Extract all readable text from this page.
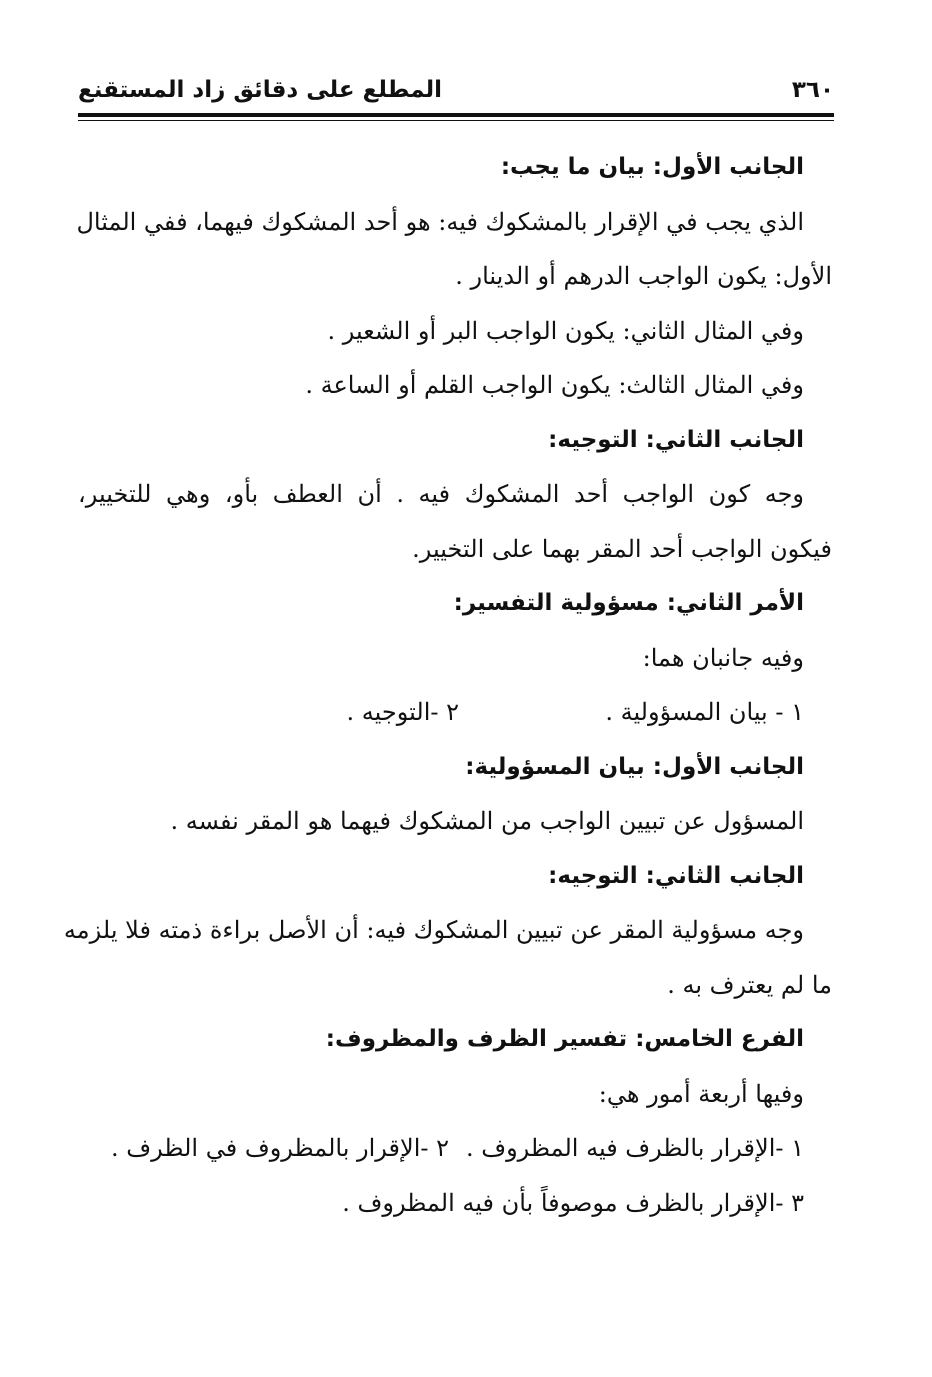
٣٦٠
المطلع على دقائق زاد المستقنع
الجانب الأول: بيان ما يجب:
الذي يجب في الإقرار بالمشكوك فيه: هو أحد المشكوك فيهما، ففي المثال
الأول: يكون الواجب الدرهم أو الدينار .
وفي المثال الثاني: يكون الواجب البر أو الشعير .
وفي المثال الثالث: يكون الواجب القلم أو الساعة .
الجانب الثاني: التوجيه:
وجه كون الواجب أحد المشكوك فيه . أن العطف بأو، وهي للتخيير،
فيكون الواجب أحد المقر بهما على التخيير.
الأمر الثاني: مسؤولية التفسير:
وفيه جانبان هما:
١ - بيان المسؤولية .
٢ -التوجيه .
الجانب الأول: بيان المسؤولية:
المسؤول عن تبيين الواجب من المشكوك فيهما هو المقر نفسه .
الجانب الثاني: التوجيه:
وجه مسؤولية المقر عن تبيين المشكوك فيه: أن الأصل براءة ذمته فلا يلزمه
ما لم يعترف به .
الفرع الخامس: تفسير الظرف والمظروف:
وفيها أربعة أمور هي:
١ -الإقرار بالظرف فيه المظروف .
٢ -الإقرار بالمظروف في الظرف .
٣ -الإقرار بالظرف موصوفاً بأن فيه المظروف .
